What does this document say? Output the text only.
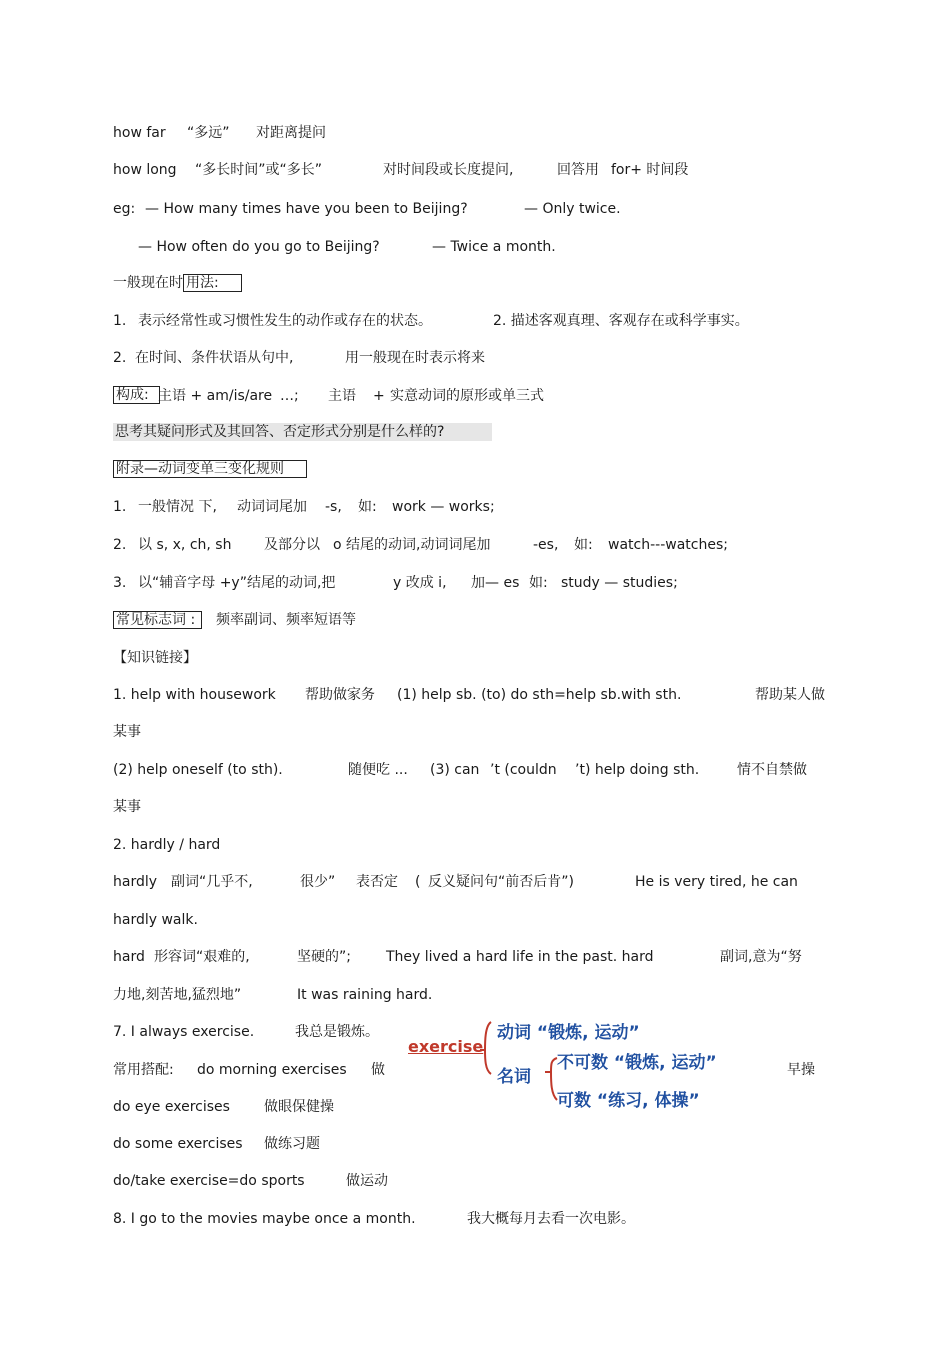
how far “多远” 对距离提问
how long “多长时间”或“多长”	对时间段或长度提问,	回答用 for+ 时间段
eg: — How many times have you been to Beijing?	— Only twice.
— How often do you go to Beijing?	— Twice a month.
一般现在时 用法:
1. 表示经常性或习惯性发生的动作或存在的状态。	2. 描述客观真理、客观存在或科学事实。
2. 在时间、条件状语从句中,	用一般现在时表示将来
构成: 主语 + am/is/are …; 主语 + 实意动词的原形或单三式
思考其疑问形式及其回答、否定形式分别是什么样的?
附录—动词变单三变化规则
1. 一般情况 下, 动词词尾加 -s, 如: work — works;
2. 以 s, x, ch, sh 及部分以 o 结尾的动词,动词词尾加	-es, 如: watch---watches;
3. 以“辅音字母 +y”结尾的动词,把	y 改成 i, 加— es 如: study — studies;
常见标志词 :	频率副词、频率短语等
【知识链接】
1. help with housework 帮助做家务 (1) help sb. (to) do sth=help sb.with sth.	帮助某人做
某事
(2) help oneself (to sth).	随便吃 ... (3) can ’t (couldn ’t) help doing sth.	情不自禁做
某事
2. hardly / hard
hardly 副词“几乎不,	很少” 表否定 ( 反义疑问句“前否后肯”)	He is very tired, he can
hardly walk.
hard 形容词“艰难的,	坚硬的”;	They lived a hard life in the past. hard	副词,意为“努
力地,刻苦地,猛烈地”	It was raining hard.
7. I always exercise.	我总是锻炼。
常用搭配: do morning exercises 做	早操
do eye exercises 做眼保健操
do some exercises 做练习题
do/take exercise=do sports	做运动
8. I go to the movies maybe once a month.	我大概每月去看一次电影。
exercise
动词 “锻炼, 运动”
名词
不可数 “锻炼, 运动”
可数 “练习, 体操”
